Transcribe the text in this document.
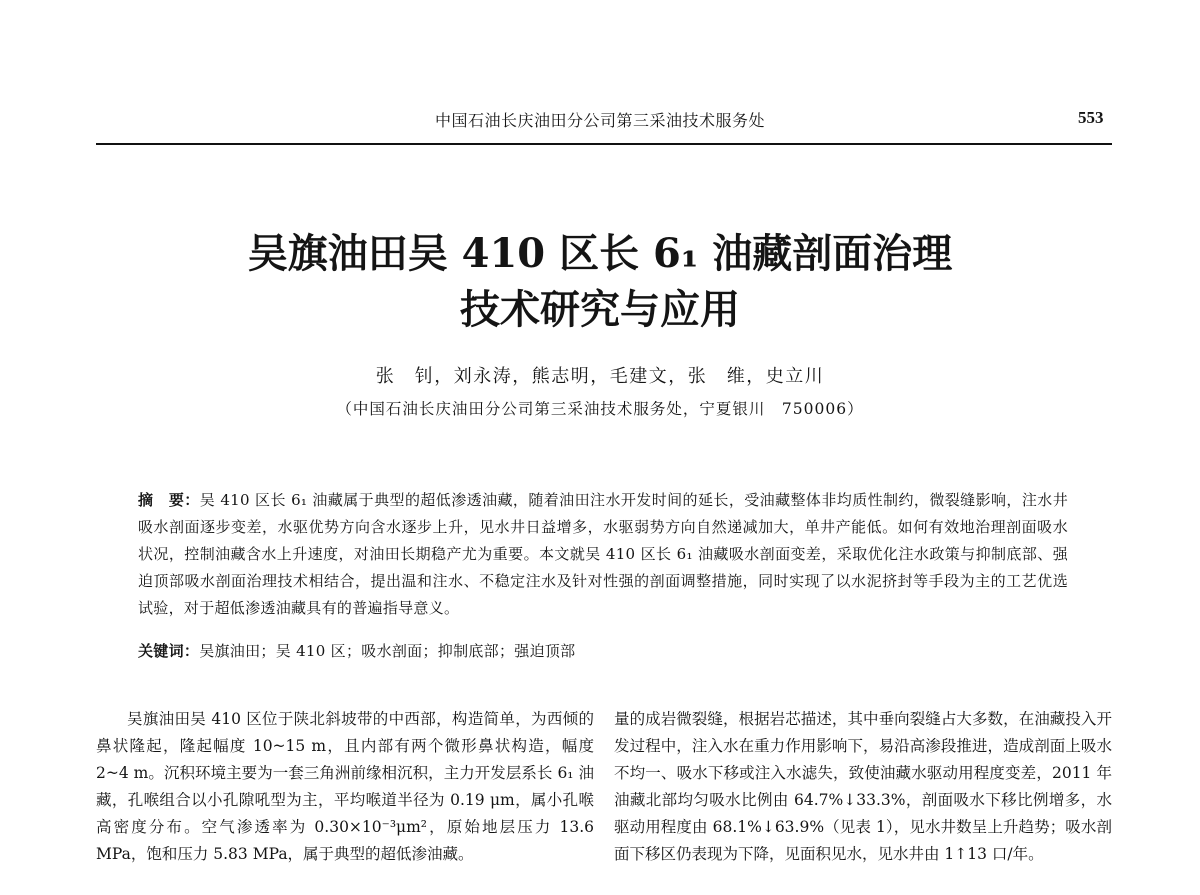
中国石油长庆油田分公司第三采油技术服务处	553
吴旗油田吴 410 区长 6₁ 油藏剖面治理
技术研究与应用
张　钊，刘永涛，熊志明，毛建文，张　维，史立川
（中国石油长庆油田分公司第三采油技术服务处，宁夏银川　750006）
摘　要：吴 410 区长 6₁ 油藏属于典型的超低渗透油藏，随着油田注水开发时间的延长，受油藏整体非均质性制约，微裂缝影响，注水井吸水剖面逐步变差，水驱优势方向含水逐步上升，见水井日益增多，水驱弱势方向自然递减加大，单井产能低。如何有效地治理剖面吸水状况，控制油藏含水上升速度，对油田长期稳产尤为重要。本文就吴 410 区长 6₁ 油藏吸水剖面变差，采取优化注水政策与抑制底部、强迫顶部吸水剖面治理技术相结合，提出温和注水、不稳定注水及针对性强的剖面调整措施，同时实现了以水泥挤封等手段为主的工艺优选试验，对于超低渗透油藏具有的普遍指导意义。
关键词：吴旗油田；吴 410 区；吸水剖面；抑制底部；强迫顶部

吴旗油田吴 410 区位于陕北斜坡带的中西部，构造简单，为西倾的鼻状隆起，隆起幅度 10~15 m，且内部有两个微形鼻状构造，幅度 2~4 m。沉积环境主要为一套三角洲前缘相沉积，主力开发层系长 6₁ 油藏，孔喉组合以小孔隙吼型为主，平均喉道半径为 0.19 μm，属小孔喉高密度分布。空气渗透率为 0.30×10⁻³μm²，原始地层压力 13.6 MPa，饱和压力 5.83 MPa，属于典型的超低渗油藏。

量的成岩微裂缝，根据岩芯描述，其中垂向裂缝占大多数，在油藏投入开发过程中，注入水在重力作用影响下，易沿高渗段推进，造成剖面上吸水不均一、吸水下移或注入水滤失，致使油藏水驱动用程度变差，2011 年油藏北部均匀吸水比例由 64.7%↓33.3%，剖面吸水下移比例增多，水驱动用程度由 68.1%↓63.9%（见表 1），见水井数呈上升趋势；吸水剖面下移区仍表现为下降，见面积见水，见水井由 1↑13 口/年。
